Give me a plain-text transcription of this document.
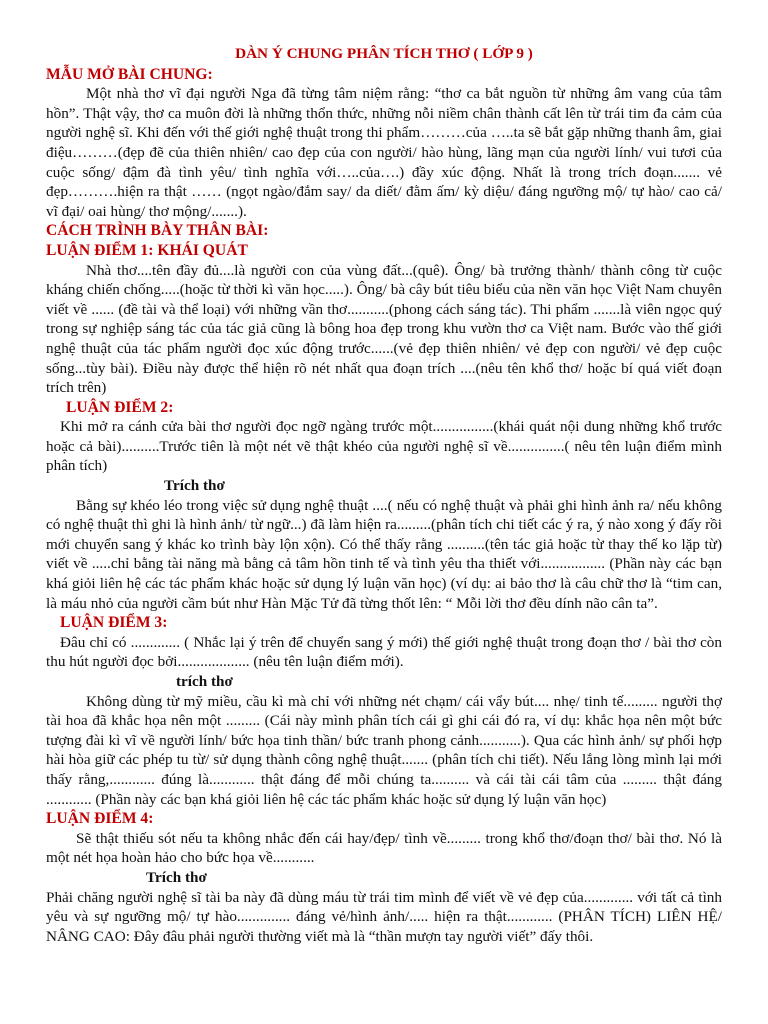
DÀN Ý CHUNG PHÂN TÍCH THƠ ( LỚP 9 )
MẪU MỞ BÀI CHUNG:

Một nhà thơ vĩ đại người Nga đã từng tâm niệm rằng: “thơ ca bắt nguồn từ những âm vang của tâm hồn”. Thật vậy, thơ ca muôn đời là những thổn thức, những nỗi niềm chân thành cất lên từ trái tim đa cảm của người nghệ sĩ. Khi đến với thế giới nghệ thuật trong thi phẩm………của …..ta sẽ bắt gặp những thanh âm, giai điệu………(đẹp đẽ của thiên nhiên/ cao đẹp của con người/ hào hùng, lãng mạn của người lính/ vui tươi của cuộc sống/ đậm đà tình yêu/ tình nghĩa với…..của….) đầy xúc động. Nhất là trong trích đoạn....... vẻ đẹp……….hiện ra thật …… (ngọt ngào/đắm say/ da diết/ đằm ấm/ kỳ diệu/ đáng ngưỡng mộ/ tự hào/ cao cả/ vĩ đại/ oai hùng/ thơ mộng/.......).

CÁCH TRÌNH BÀY THÂN BÀI:
LUẬN ĐIỂM 1: KHÁI QUÁT

Nhà thơ....tên đầy đủ....là người con của vùng đất...(quê). Ông/ bà trưởng thành/ thành công từ cuộc kháng chiến chống.....(hoặc từ thời kì văn học.....). Ông/ bà cây bút tiêu biểu của nền văn học Việt Nam chuyên viết về ...... (đề tài và thể loại) với những vần thơ...........(phong cách sáng tác). Thi phẩm .......là viên ngọc quý trong sự nghiệp sáng tác của tác giả cũng là bông hoa đẹp trong khu vườn thơ ca Việt nam. Bước vào thế giới nghệ thuật của tác phẩm người đọc xúc động trước......(vẻ đẹp thiên nhiên/ vẻ đẹp con người/ vẻ đẹp cuộc sống...tùy bài). Điều này được thể hiện rõ nét nhất qua đoạn trích ....(nêu tên khổ thơ/ hoặc bí quá viết đoạn trích trên)

LUẬN ĐIỂM 2:

Khi mở ra cánh cửa bài thơ người đọc ngỡ ngàng trước một................(khái quát nội dung những khổ trước hoặc cả bài)..........Trước tiên là một nét vẽ thật khéo của người nghệ sĩ về...............( nêu tên luận điểm mình phân tích)

Trích thơ

Bằng sự khéo léo trong việc sử dụng nghệ thuật ....( nếu có nghệ thuật và phải ghi hình ảnh ra/ nếu không có nghệ thuật thì ghi là hình ảnh/ từ ngữ...) đã làm hiện ra.........(phân tích chi tiết các ý ra, ý nào xong ý đấy rồi mới chuyển sang ý khác ko trình bày lộn xộn). Có thể thấy rằng ..........(tên tác giả hoặc từ thay thế ko lặp từ) viết về .....chỉ bằng tài năng mà bằng cả tâm hồn tinh tế và tình yêu tha thiết với................. (Phần này các bạn khá giỏi liên hệ các tác phẩm khác hoặc sử dụng lý luận văn học) (ví dụ: ai bảo thơ là câu chữ thơ là “tim can, là máu nhỏ của người cầm bút như Hàn Mặc Tử đã từng thốt lên: “ Mỗi lời thơ đều dính não cân ta”.

LUẬN ĐIỂM 3:

Đâu chỉ có ............. ( Nhắc lại ý trên để chuyển sang ý mới) thế giới nghệ thuật trong đoạn thơ / bài thơ còn thu hút người đọc bởi................... (nêu tên luận điểm mới).

trích thơ

Không dùng từ mỹ miều, cầu kì mà chỉ với những nét chạm/ cái vẩy bút.... nhẹ/ tinh tế......... người thợ tài hoa đã khắc họa nên một ......... (Cái này mình phân tích cái gì ghi cái đó ra, ví dụ: khắc họa nên một bức tượng đài kì vĩ về người lính/ bức họa tinh thần/ bức tranh phong cảnh...........). Qua các hình ảnh/ sự phối hợp hài hòa giữ các phép tu từ/ sử dụng thành công nghệ thuật....... (phân tích chi tiết). Nếu lắng lòng mình lại mới thấy rằng,............ đúng là............ thật đáng để mỗi chúng ta.......... và cái tài cái tâm của ......... thật đáng ............ (Phần này các bạn khá giỏi liên hệ các tác phẩm khác hoặc sử dụng lý luận văn học)

LUẬN ĐIỂM 4:

Sẽ thật thiếu sót nếu ta không nhắc đến cái hay/đẹp/ tình về......... trong khổ thơ/đoạn thơ/ bài thơ. Nó là một nét họa hoàn hảo cho bức họa về...........

Trích thơ

Phải chăng người nghệ sĩ tài ba này đã dùng máu từ trái tim mình để viết về vẻ đẹp của............. với tất cả tình yêu và sự ngưỡng mộ/ tự hào.............. đáng vẻ/hình ảnh/..... hiện ra thật............ (PHÂN TÍCH) LIÊN HỆ/ NÂNG CAO: Đây đâu phải người thường viết mà là “thần mượn tay người viết” đấy thôi.
